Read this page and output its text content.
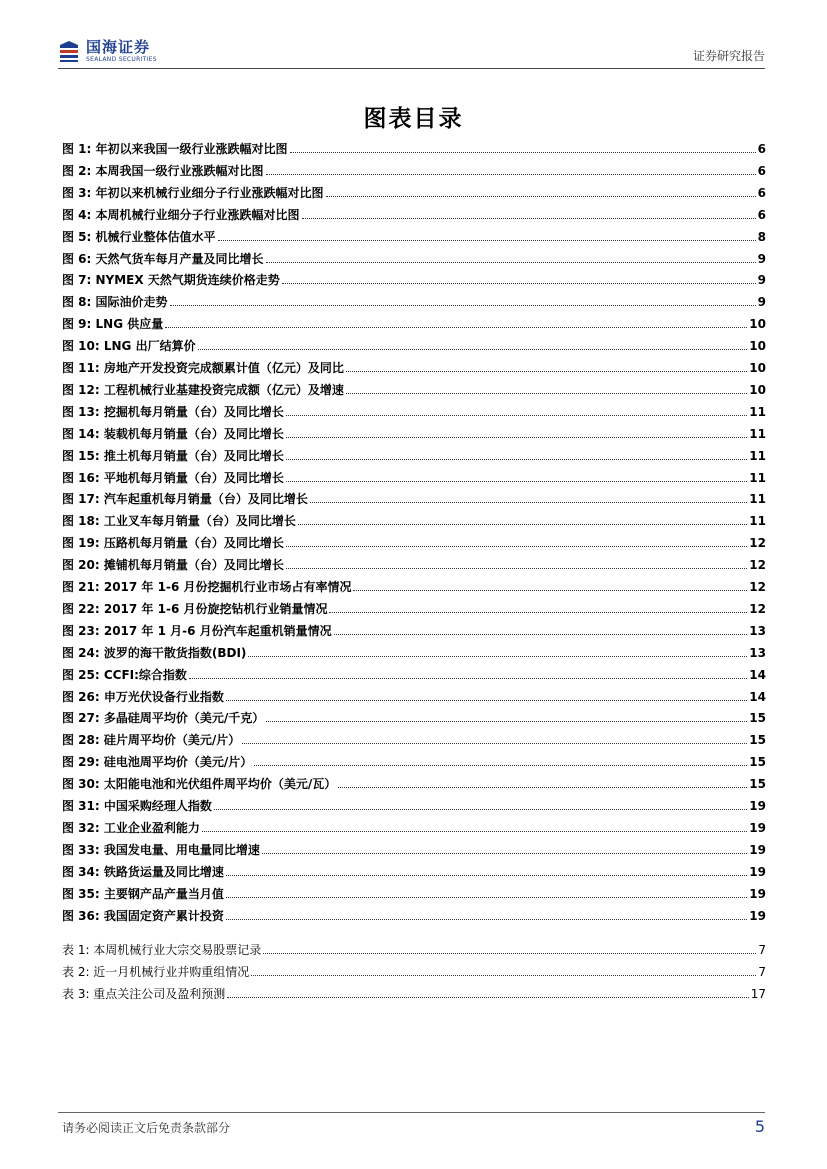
国海证券
SEALAND SECURITIES	证券研究报告
图表目录
图 1: 年初以来我国一级行业涨跌幅对比图	6
图 2: 本周我国一级行业涨跌幅对比图	6
图 3: 年初以来机械行业细分子行业涨跌幅对比图	6
图 4: 本周机械行业细分子行业涨跌幅对比图	6
图 5: 机械行业整体估值水平	8
图 6: 天然气货车每月产量及同比增长	9
图 7: NYMEX 天然气期货连续价格走势	9
图 8: 国际油价走势	9
图 9: LNG 供应量	10
图 10: LNG 出厂结算价	10
图 11: 房地产开发投资完成额累计值（亿元）及同比	10
图 12: 工程机械行业基建投资完成额（亿元）及增速	10
图 13: 挖掘机每月销量（台）及同比增长	11
图 14: 装载机每月销量（台）及同比增长	11
图 15: 推土机每月销量（台）及同比增长	11
图 16: 平地机每月销量（台）及同比增长	11
图 17: 汽车起重机每月销量（台）及同比增长	11
图 18: 工业叉车每月销量（台）及同比增长	11
图 19: 压路机每月销量（台）及同比增长	12
图 20: 摊铺机每月销量（台）及同比增长	12
图 21: 2017 年 1-6 月份挖掘机行业市场占有率情况	12
图 22: 2017 年 1-6 月份旋挖钻机行业销量情况	12
图 23: 2017 年 1 月-6 月份汽车起重机销量情况	13
图 24: 波罗的海干散货指数(BDI)	13
图 25: CCFI:综合指数	14
图 26: 申万光伏设备行业指数	14
图 27: 多晶硅周平均价（美元/千克）	15
图 28: 硅片周平均价（美元/片）	15
图 29: 硅电池周平均价（美元/片）	15
图 30: 太阳能电池和光伏组件周平均价（美元/瓦）	15
图 31: 中国采购经理人指数	19
图 32: 工业企业盈利能力	19
图 33: 我国发电量、用电量同比增速	19
图 34: 铁路货运量及同比增速	19
图 35: 主要钢产品产量当月值	19
图 36: 我国固定资产累计投资	19
表 1: 本周机械行业大宗交易股票记录	7
表 2: 近一月机械行业并购重组情况	7
表 3: 重点关注公司及盈利预测	17
请务必阅读正文后免责条款部分	5
